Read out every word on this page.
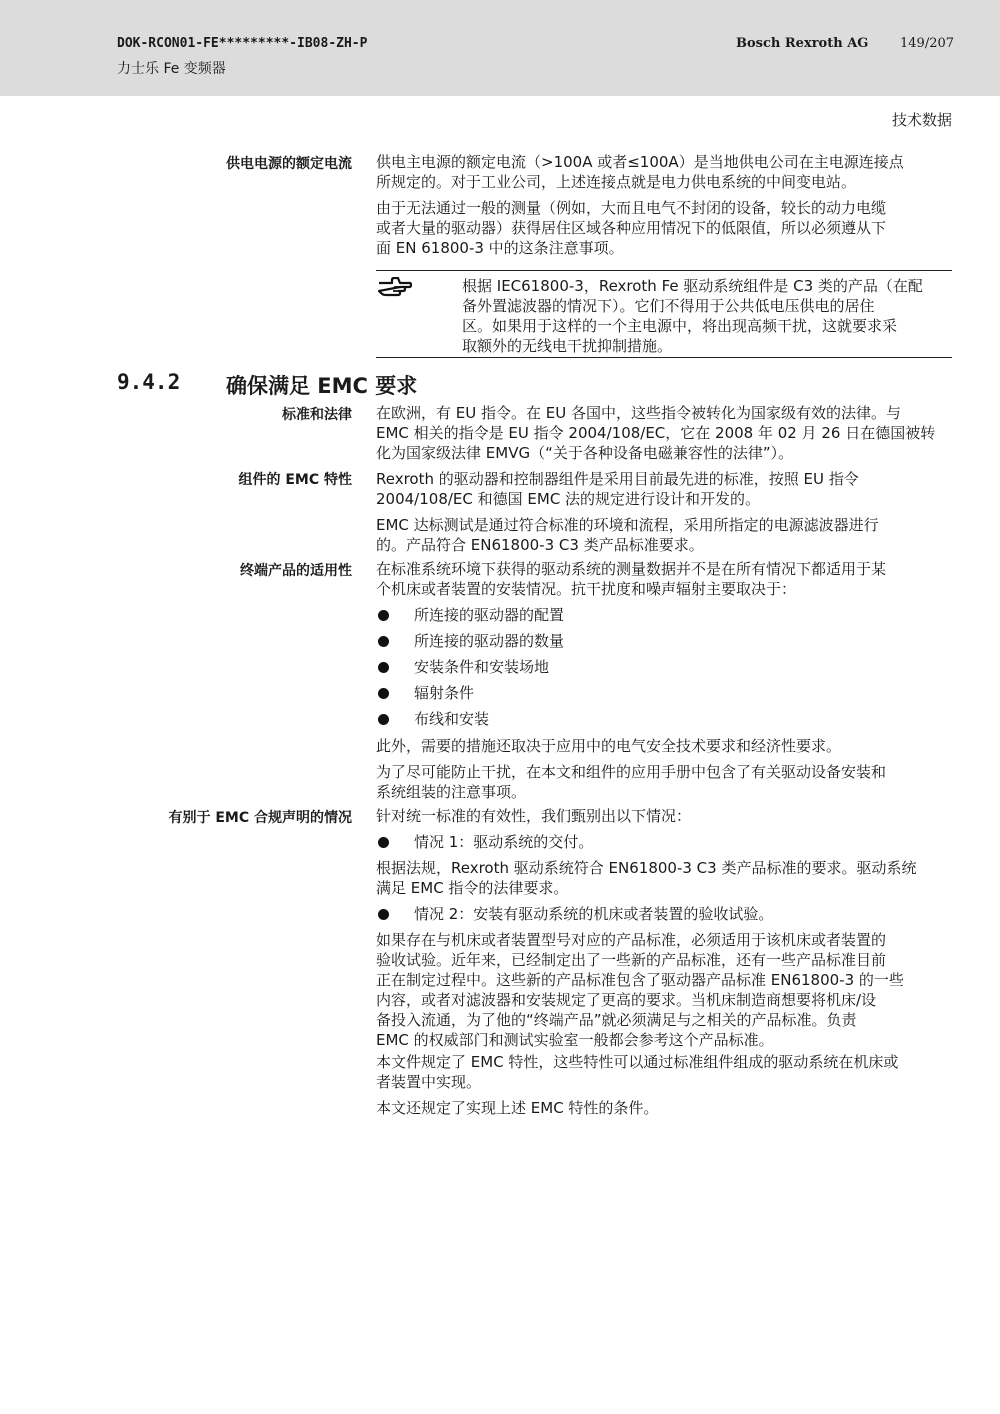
DOK-RCON01-FE*********-IB08-ZH-P
力士乐 Fe 变频器
Bosch Rexroth AG 149/207
技术数据
供电电源的额定电流 供电主电源的额定电流（>100A 或者≤100A）是当地供电公司在主电源连接点
所规定的。对于工业公司，上述连接点就是电力供电系统的中间变电站。
由于无法通过一般的测量（例如，大而且电气不封闭的设备，较长的动力电缆
或者大量的驱动器）获得居住区域各种应用情况下的低限值，所以必须遵从下
面 EN 61800-3 中的这条注意事项。
根据 IEC61800-3，Rexroth Fe 驱动系统组件是 C3 类的产品（在配
备外置滤波器的情况下）。它们不得用于公共低电压供电的居住
区。如果用于这样的一个主电源中，将出现高频干扰，这就要求采
取额外的无线电干扰抑制措施。
9.4.2 确保满足 EMC 要求
标准和法律 在欧洲，有 EU 指令。在 EU 各国中，这些指令被转化为国家级有效的法律。与
EMC 相关的指令是 EU 指令 2004/108/EC，它在 2008 年 02 月 26 日在德国被转
化为国家级法律 EMVG（“关于各种设备电磁兼容性的法律”）。
组件的 EMC 特性 Rexroth 的驱动器和控制器组件是采用目前最先进的标准，按照 EU 指令
2004/108/EC 和德国 EMC 法的规定进行设计和开发的。
EMC 达标测试是通过符合标准的环境和流程，采用所指定的电源滤波器进行
的。产品符合 EN61800-3 C3 类产品标准要求。
终端产品的适用性 在标准系统环境下获得的驱动系统的测量数据并不是在所有情况下都适用于某
个机床或者装置的安装情况。抗干扰度和噪声辐射主要取决于：
所连接的驱动器的配置
所连接的驱动器的数量
安装条件和安装场地
辐射条件
布线和安装
此外，需要的措施还取决于应用中的电气安全技术要求和经济性要求。
为了尽可能防止干扰，在本文和组件的应用手册中包含了有关驱动设备安装和
系统组装的注意事项。
有别于 EMC 合规声明的情况 针对统一标准的有效性，我们甄别出以下情况：
情况 1：驱动系统的交付。
根据法规，Rexroth 驱动系统符合 EN61800-3 C3 类产品标准的要求。驱动系统
满足 EMC 指令的法律要求。
情况 2：安装有驱动系统的机床或者装置的验收试验。
如果存在与机床或者装置型号对应的产品标准，必须适用于该机床或者装置的
验收试验。近年来，已经制定出了一些新的产品标准，还有一些产品标准目前
正在制定过程中。这些新的产品标准包含了驱动器产品标准 EN61800-3 的一些
内容，或者对滤波器和安装规定了更高的要求。当机床制造商想要将机床/设
备投入流通，为了他的“终端产品”就必须满足与之相关的产品标准。负责
EMC 的权威部门和测试实验室一般都会参考这个产品标准。
本文件规定了 EMC 特性，这些特性可以通过标准组件组成的驱动系统在机床或
者装置中实现。
本文还规定了实现上述 EMC 特性的条件。
